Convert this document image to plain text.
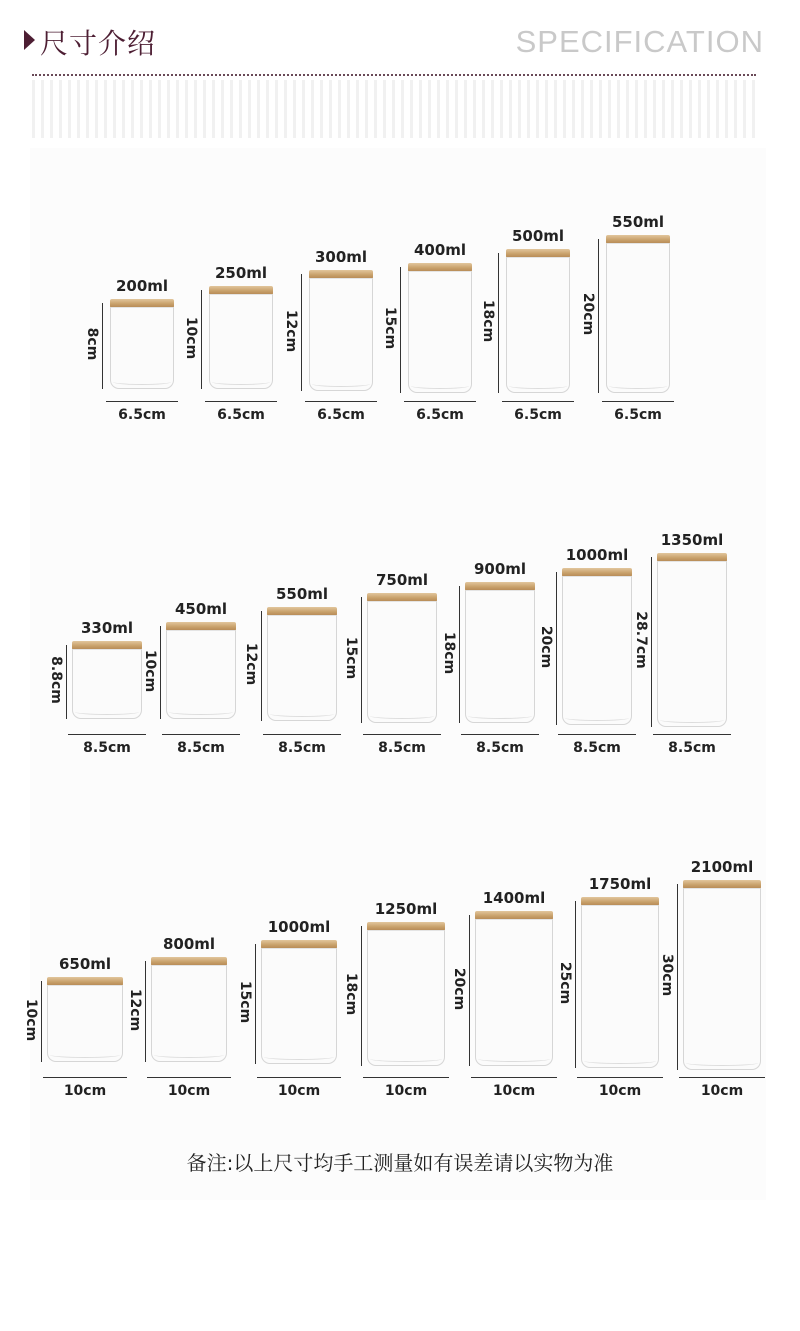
尺寸介绍	SPECIFICATION
200ml
8cm
6.5cm
250ml
10cm
6.5cm
300ml
12cm
6.5cm
400ml
15cm
6.5cm
500ml
18cm
6.5cm
550ml
20cm
6.5cm
330ml
8.8cm
8.5cm
450ml
10cm
8.5cm
550ml
12cm
8.5cm
750ml
15cm
8.5cm
900ml
18cm
8.5cm
1000ml
20cm
8.5cm
1350ml
28.7cm
8.5cm
650ml
10cm
10cm
800ml
12cm
10cm
1000ml
15cm
10cm
1250ml
18cm
10cm
1400ml
20cm
10cm
1750ml
25cm
10cm
2100ml
30cm
10cm
备注:以上尺寸均手工测量如有误差请以实物为准
